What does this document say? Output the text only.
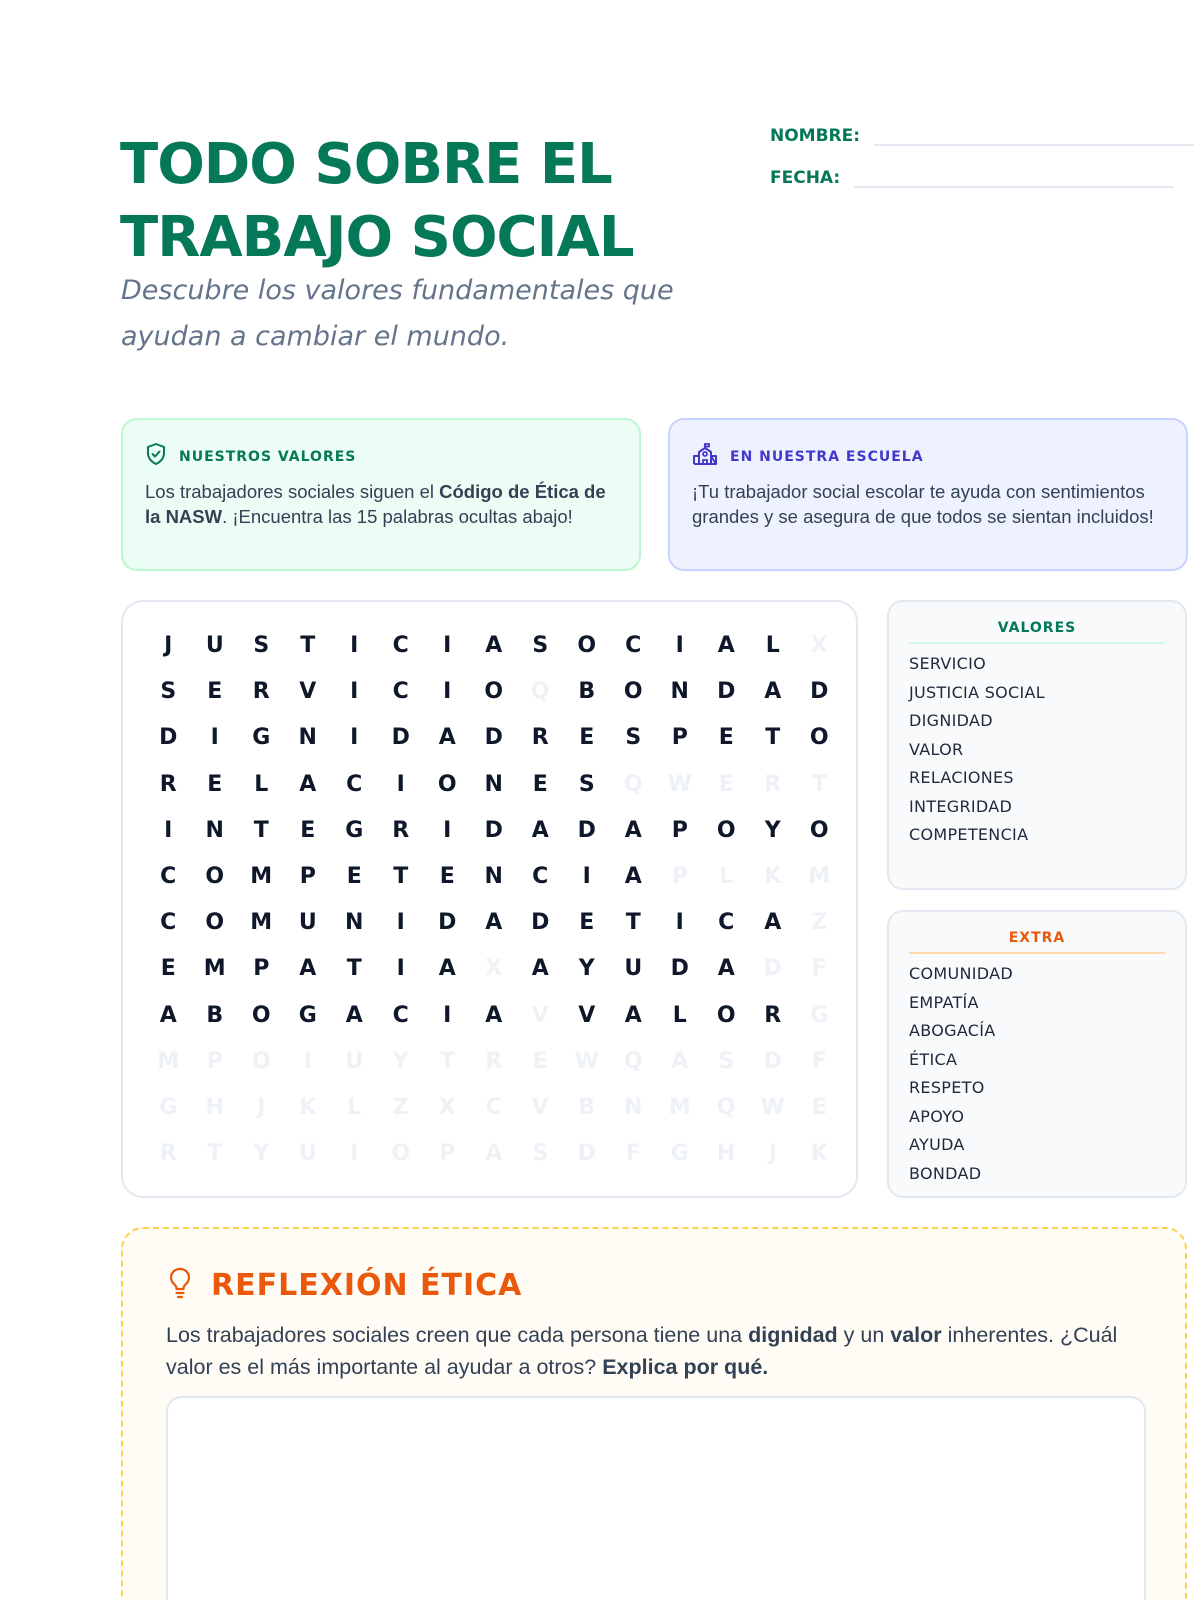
TODO SOBRE EL
TRABAJO SOCIAL
Descubre los valores fundamentales que ayudan a cambiar el mundo.
NOMBRE:
FECHA:
NUESTROS VALORES

Los trabajadores sociales siguen el Código de Ética de la NASW. ¡Encuentra las 15 palabras ocultas abajo!

EN NUESTRA ESCUELA

¡Tu trabajador social escolar te ayuda con sentimientos grandes y se asegura de que todos se sientan incluidos!

J	U	S	T	I	C	I	A	S	O	C	I	A	L	X
S	E	R	V	I	C	I	O	Q	B	O	N	D	A	D
D	I	G	N	I	D	A	D	R	E	S	P	E	T	O
R	E	L	A	C	I	O	N	E	S	Q	W	E	R	T
I	N	T	E	G	R	I	D	A	D	A	P	O	Y	O
C	O	M	P	E	T	E	N	C	I	A	P	L	K	M
C	O	M	U	N	I	D	A	D	E	T	I	C	A	Z
E	M	P	A	T	I	A	X	A	Y	U	D	A	D	F
A	B	O	G	A	C	I	A	V	V	A	L	O	R	G
M	P	O	I	U	Y	T	R	E	W	Q	A	S	D	F
G	H	J	K	L	Z	X	C	V	B	N	M	Q	W	E
R	T	Y	U	I	O	P	A	S	D	F	G	H	J	K
VALORES
SERVICIO
JUSTICIA SOCIAL
DIGNIDAD
VALOR
RELACIONES
INTEGRIDAD
COMPETENCIA
EXTRA
COMUNIDAD
EMPATÍA
ABOGACÍA
ÉTICA
RESPETO
APOYO
AYUDA
BONDAD
REFLEXIÓN ÉTICA
Los trabajadores sociales creen que cada persona tiene una dignidad y un valor inherentes. ¿Cuál valor es el más importante al ayudar a otros? Explica por qué.
